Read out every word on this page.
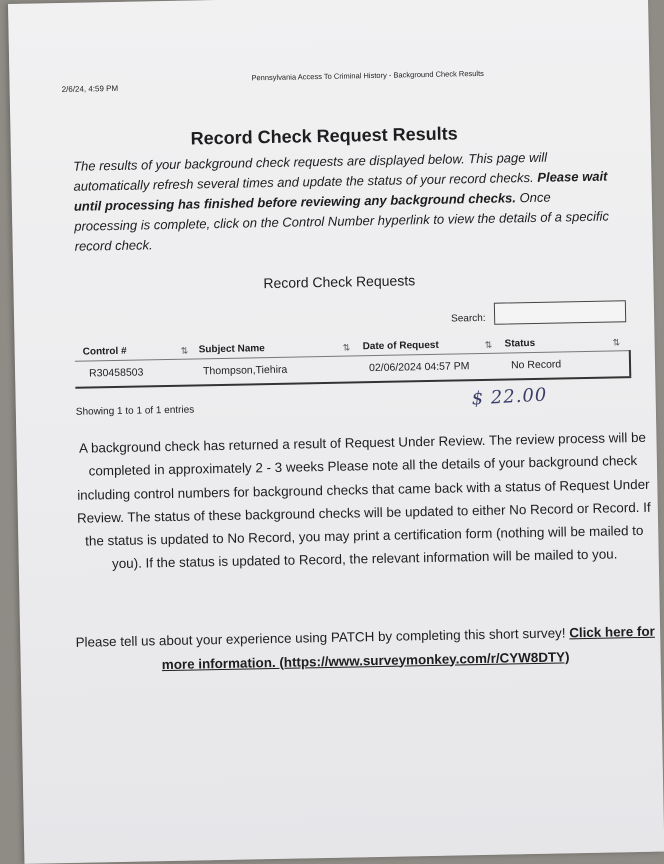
2/6/24, 4:59 PM
Pennsylvania Access To Criminal History - Background Check Results
Record Check Request Results
The results of your background check requests are displayed below. This page will automatically refresh several times and update the status of your record checks. Please wait until processing has finished before reviewing any background checks. Once processing is complete, click on the Control Number hyperlink to view the details of a specific record check.
Record Check Requests
Search:
Control #	⇅ Subject Name	⇅ Date of Request	⇅ Status	⇅
R30458503	Thompson,Tiehira	02/06/2024 04:57 PM	No Record
Showing 1 to 1 of 1 entries
$ 22.00
A background check has returned a result of Request Under Review. The review process will be completed in approximately 2 - 3 weeks Please note all the details of your background check including control numbers for background checks that came back with a status of Request Under Review. The status of these background checks will be updated to either No Record or Record. If the status is updated to No Record, you may print a certification form (nothing will be mailed to you). If the status is updated to Record, the relevant information will be mailed to you.
Please tell us about your experience using PATCH by completing this short survey! Click here for more information. (https://www.surveymonkey.com/r/CYW8DTY)
